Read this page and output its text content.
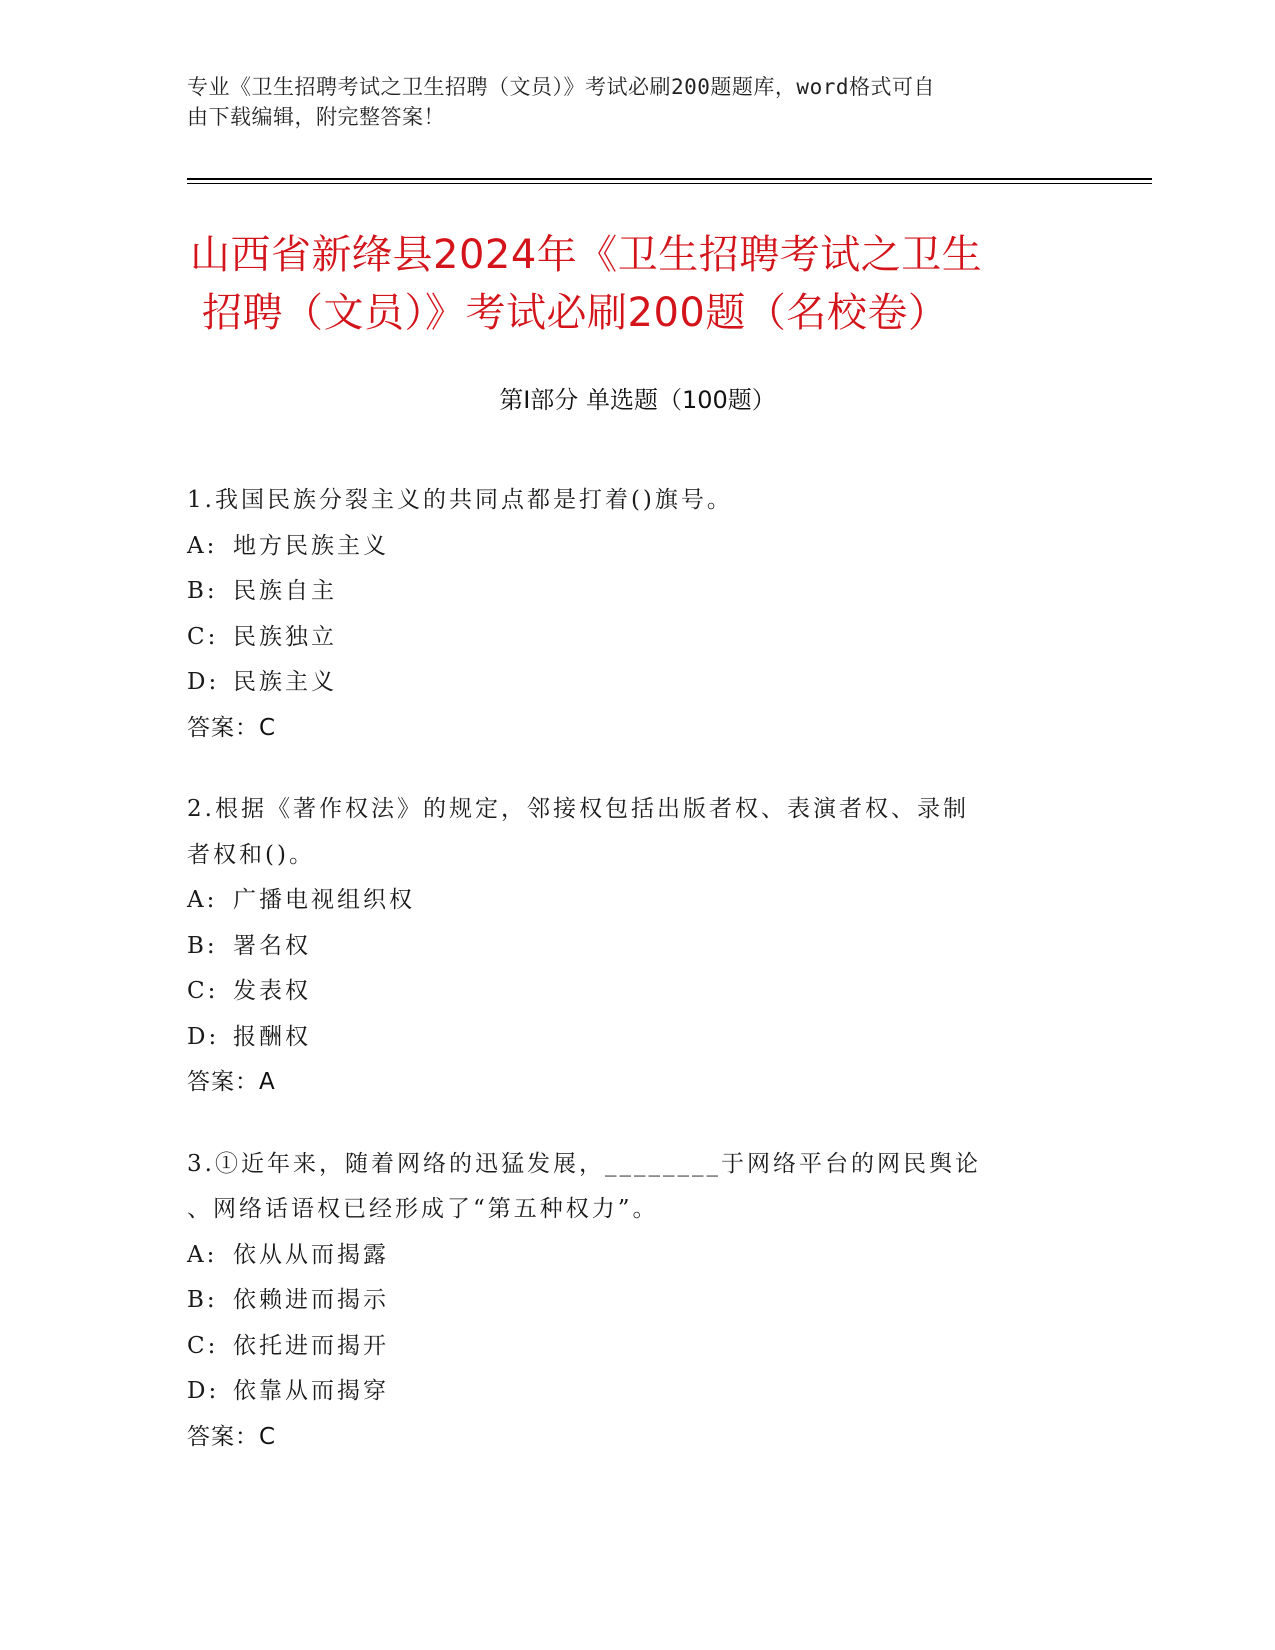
专业《卫生招聘考试之卫生招聘（文员）》考试必刷200题题库，word格式可自
由下载编辑，附完整答案！
山西省新绛县2024年《卫生招聘考试之卫生
招聘（文员）》考试必刷200题（名校卷）
第Ⅰ部分 单选题（100题）
1.我国民族分裂主义的共同点都是打着()旗号。
A: 地方民族主义
B: 民族自主
C: 民族独立
D: 民族主义
答案：C
2.根据《著作权法》的规定，邻接权包括出版者权、表演者权、录制
者权和()。
A: 广播电视组织权
B: 署名权
C: 发表权
D: 报酬权
答案：A
3.①近年来，随着网络的迅猛发展，________于网络平台的网民舆论
、网络话语权已经形成了“第五种权力”。
A: 依从从而揭露
B: 依赖进而揭示
C: 依托进而揭开
D: 依靠从而揭穿
答案：C
